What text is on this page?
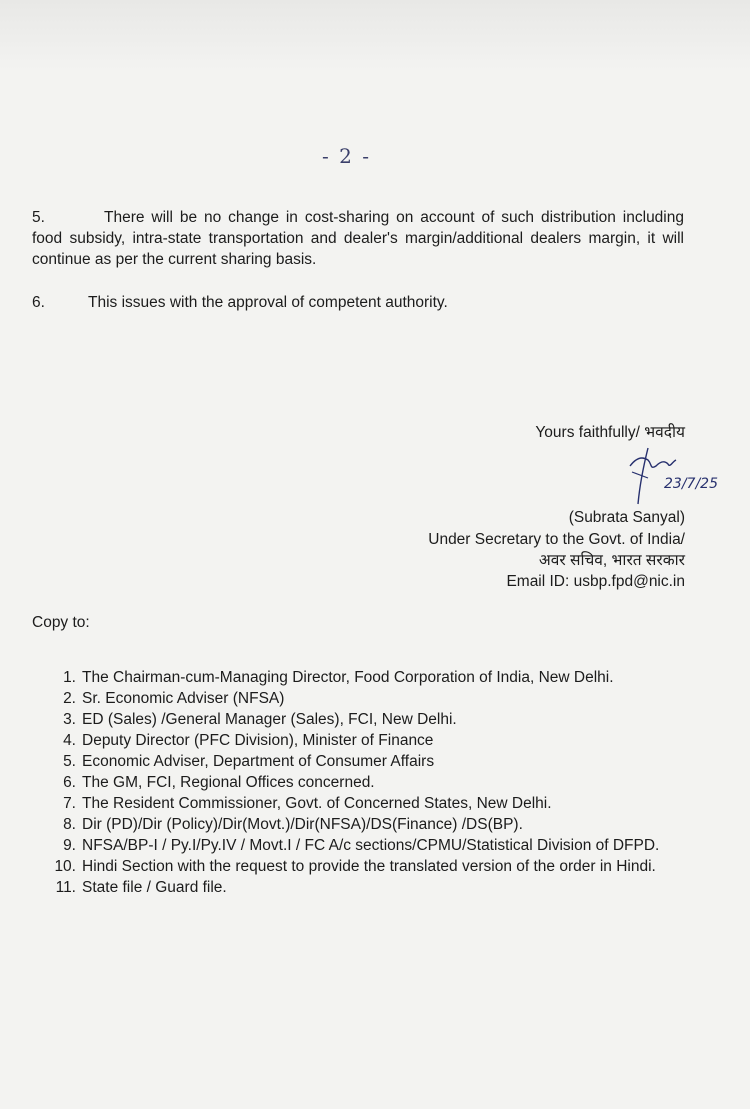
- 2 -
5.	There will be no change in cost-sharing on account of such distribution including food subsidy, intra-state transportation and dealer's margin/additional dealers margin, it will continue as per the current sharing basis.
6.	This issues with the approval of competent authority.
Yours faithfully/ भवदीय
23/7/25
(Subrata Sanyal)
Under Secretary to the Govt. of India/
अवर सचिव, भारत सरकार
Email ID: usbp.fpd@nic.in
Copy to:
1. The Chairman-cum-Managing Director, Food Corporation of India, New Delhi.
2. Sr. Economic Adviser (NFSA)
3. ED (Sales) /General Manager (Sales), FCI, New Delhi.
4. Deputy Director (PFC Division), Minister of Finance
5. Economic Adviser, Department of Consumer Affairs
6. The GM, FCI, Regional Offices concerned.
7. The Resident Commissioner, Govt. of Concerned States, New Delhi.
8. Dir (PD)/Dir (Policy)/Dir(Movt.)/Dir(NFSA)/DS(Finance) /DS(BP).
9. NFSA/BP-I / Py.I/Py.IV / Movt.I / FC A/c sections/CPMU/Statistical Division of DFPD.
10. Hindi Section with the request to provide the translated version of the order in Hindi.
11. State file / Guard file.
